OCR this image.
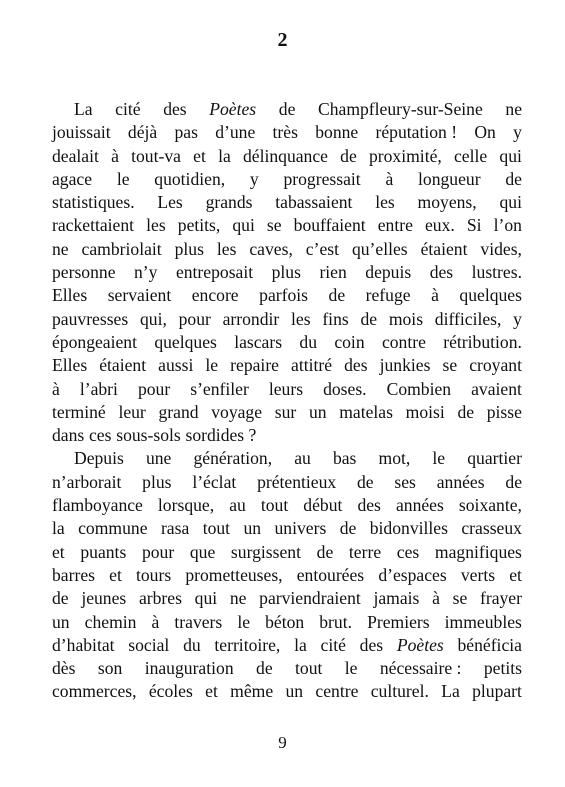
2
La cité des Poètes de Champfleury-sur-Seine ne
jouissait déjà pas d’une très bonne réputation ! On y
dealait à tout-va et la délinquance de proximité, celle qui
agace le quotidien, y progressait à longueur de
statistiques. Les grands tabassaient les moyens, qui
rackettaient les petits, qui se bouffaient entre eux. Si l’on
ne cambriolait plus les caves, c’est qu’elles étaient vides,
personne n’y entreposait plus rien depuis des lustres.
Elles servaient encore parfois de refuge à quelques
pauvresses qui, pour arrondir les fins de mois difficiles, y
épongeaient quelques lascars du coin contre rétribution.
Elles étaient aussi le repaire attitré des junkies se croyant
à l’abri pour s’enfiler leurs doses. Combien avaient
terminé leur grand voyage sur un matelas moisi de pisse
dans ces sous-sols sordides ?
Depuis une génération, au bas mot, le quartier
n’arborait plus l’éclat prétentieux de ses années de
flamboyance lorsque, au tout début des années soixante,
la commune rasa tout un univers de bidonvilles crasseux
et puants pour que surgissent de terre ces magnifiques
barres et tours prometteuses, entourées d’espaces verts et
de jeunes arbres qui ne parviendraient jamais à se frayer
un chemin à travers le béton brut. Premiers immeubles
d’habitat social du territoire, la cité des Poètes bénéficia
dès son inauguration de tout le nécessaire : petits
commerces, écoles et même un centre culturel. La plupart
9
